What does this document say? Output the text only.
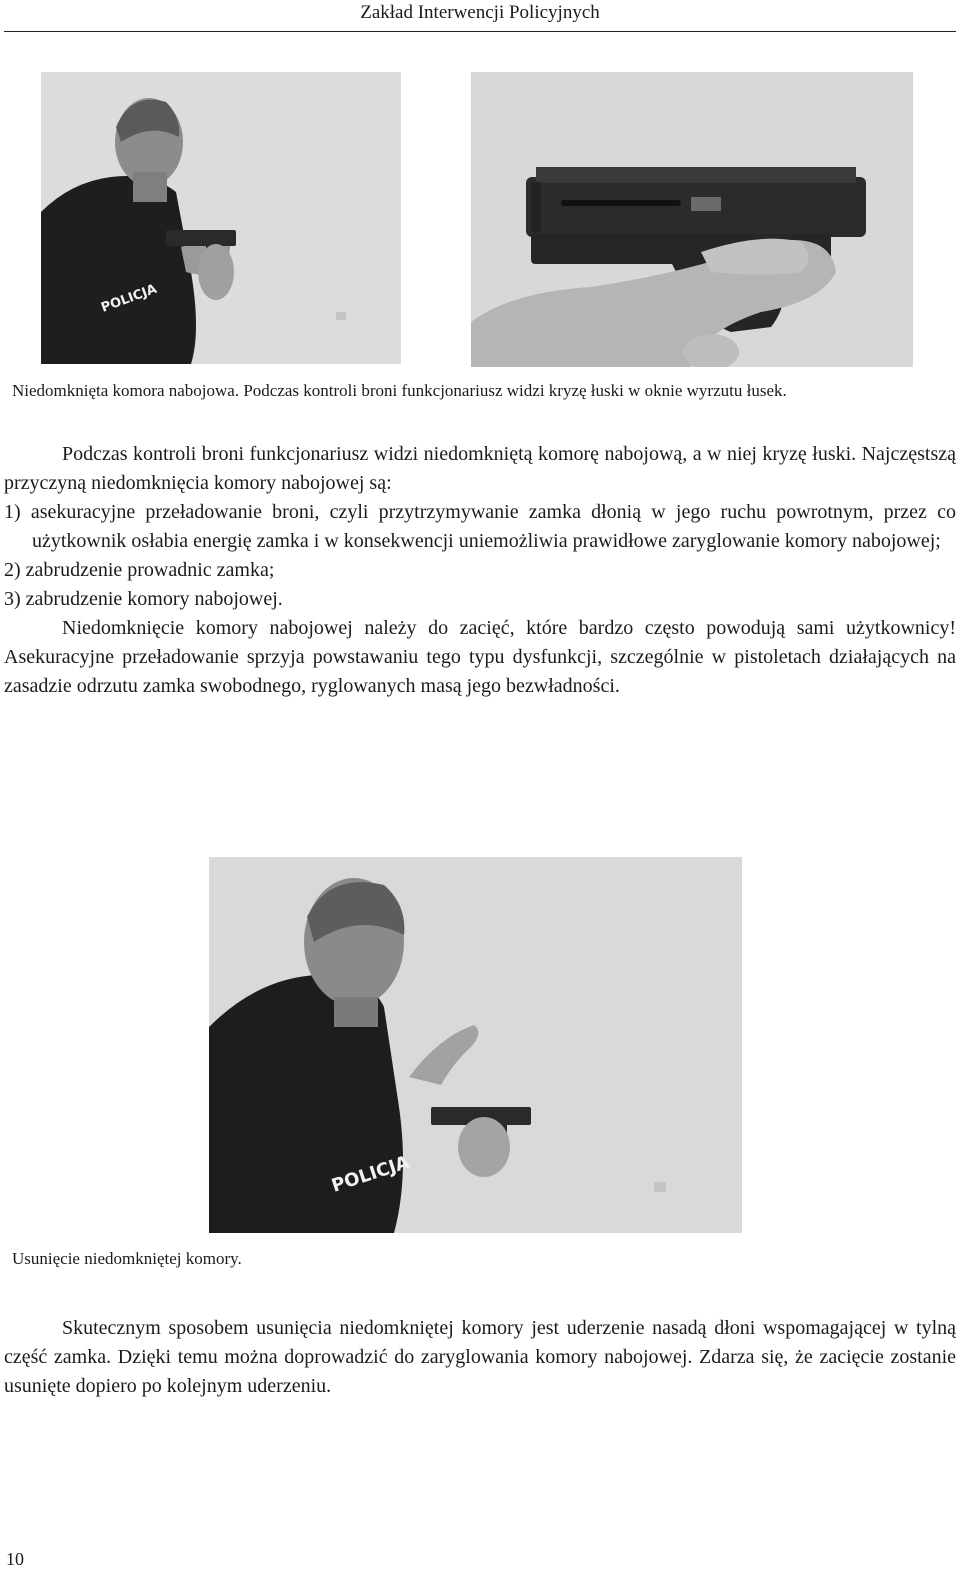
Zakład Interwencji Policyjnych
POLICJA
Niedomknięta komora nabojowa. Podczas kontroli broni funkcjonariusz widzi kryzę łuski w oknie wyrzutu łusek.

Podczas kontroli broni funkcjonariusz widzi niedomkniętą komorę nabojową, a w niej kryzę łuski. Najczęstszą przyczyną niedomknięcia komory nabojowej są:

1) asekuracyjne przeładowanie broni, czyli przytrzymywanie zamka dłonią w jego ruchu powrotnym, przez co użytkownik osłabia energię zamka i w konsekwencji uniemożliwia prawidłowe zaryglowanie komory nabojowej;

2) zabrudzenie prowadnic zamka;

3) zabrudzenie komory nabojowej.

Niedomknięcie komory nabojowej należy do zacięć, które bardzo często powodują sami użytkownicy! Asekuracyjne przeładowanie sprzyja powstawaniu tego typu dysfunkcji, szczególnie w pistoletach działających na zasadzie odrzutu zamka swobodnego, ryglowanych masą jego bezwładności.

POLICJA
Usunięcie niedomkniętej komory.

Skutecznym sposobem usunięcia niedomkniętej komory jest uderzenie nasadą dłoni wspomagającej w tylną część zamka. Dzięki temu można doprowadzić do zaryglowania komory nabojowej. Zdarza się, że zacięcie zostanie usunięte dopiero po kolejnym uderzeniu.

10
